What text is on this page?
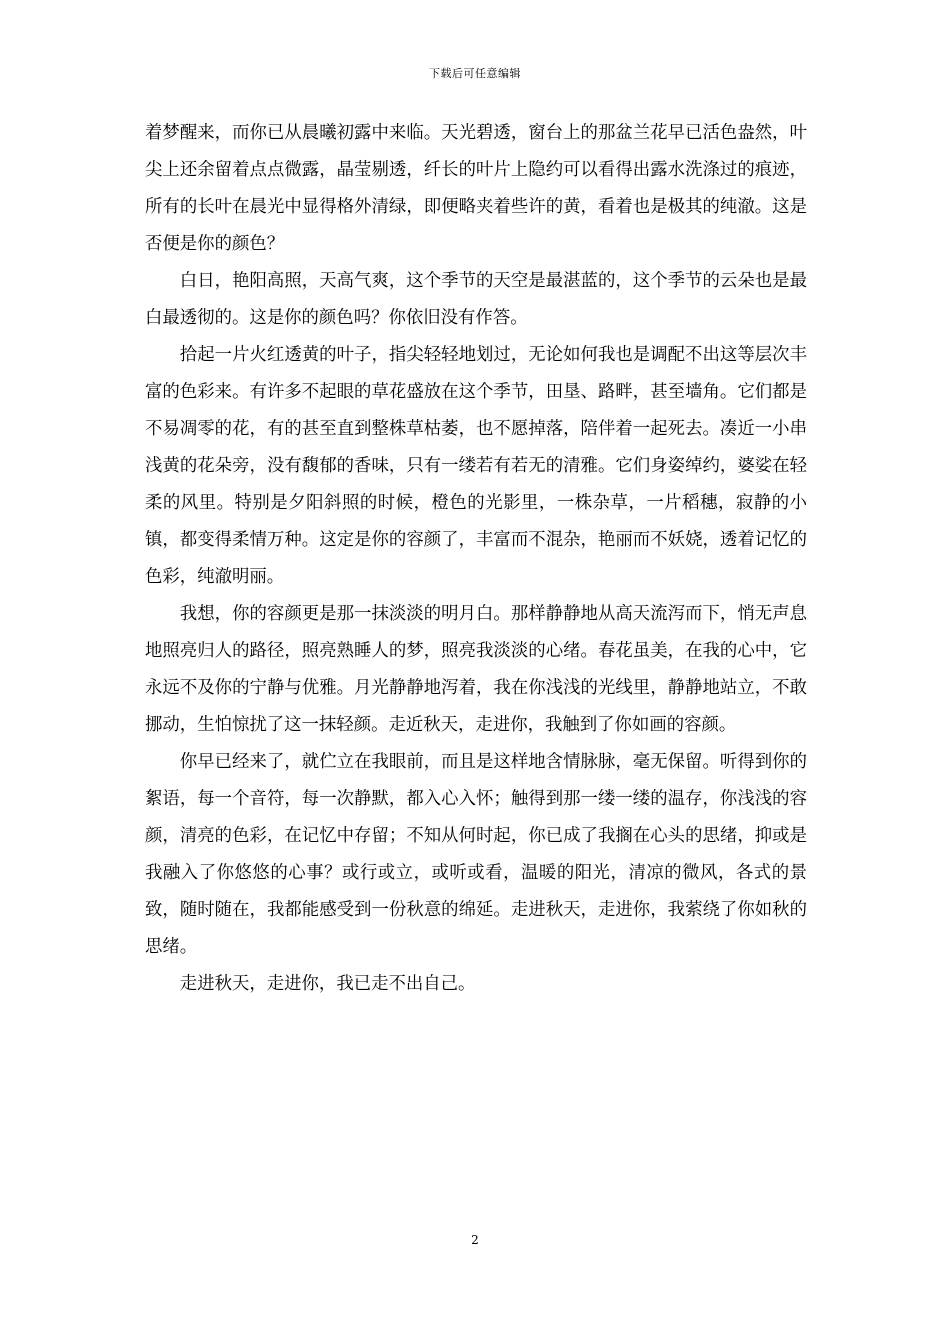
下载后可任意编辑

着梦醒来，而你已从晨曦初露中来临。天光碧透，窗台上的那盆兰花早已活色盎然，叶尖上还余留着点点微露，晶莹剔透，纤长的叶片上隐约可以看得出露水洗涤过的痕迹，所有的长叶在晨光中显得格外清绿，即便略夹着些许的黄，看着也是极其的纯澈。这是否便是你的颜色？

白日，艳阳高照，天高气爽，这个季节的天空是最湛蓝的，这个季节的云朵也是最白最透彻的。这是你的颜色吗？你依旧没有作答。

拾起一片火红透黄的叶子，指尖轻轻地划过，无论如何我也是调配不出这等层次丰富的色彩来。有许多不起眼的草花盛放在这个季节，田垦、路畔，甚至墙角。它们都是不易凋零的花，有的甚至直到整株草枯萎，也不愿掉落，陪伴着一起死去。凑近一小串浅黄的花朵旁，没有馥郁的香味，只有一缕若有若无的清雅。它们身姿绰约，婆娑在轻柔的风里。特别是夕阳斜照的时候，橙色的光影里，一株杂草，一片稻穗，寂静的小镇，都变得柔情万种。这定是你的容颜了，丰富而不混杂，艳丽而不妖娆，透着记忆的色彩，纯澈明丽。

我想，你的容颜更是那一抹淡淡的明月白。那样静静地从高天流泻而下，悄无声息地照亮归人的路径，照亮熟睡人的梦，照亮我淡淡的心绪。春花虽美，在我的心中，它永远不及你的宁静与优雅。月光静静地泻着，我在你浅浅的光线里，静静地站立，不敢挪动，生怕惊扰了这一抹轻颜。走近秋天，走进你，我触到了你如画的容颜。

你早已经来了，就伫立在我眼前，而且是这样地含情脉脉，毫无保留。听得到你的絮语，每一个音符，每一次静默，都入心入怀；触得到那一缕一缕的温存，你浅浅的容颜，清亮的色彩，在记忆中存留；不知从何时起，你已成了我搁在心头的思绪，抑或是我融入了你悠悠的心事？或行或立，或听或看，温暖的阳光，清凉的微风，各式的景致，随时随在，我都能感受到一份秋意的绵延。走进秋天，走进你，我萦绕了你如秋的思绪。

走进秋天，走进你，我已走不出自己。

2
